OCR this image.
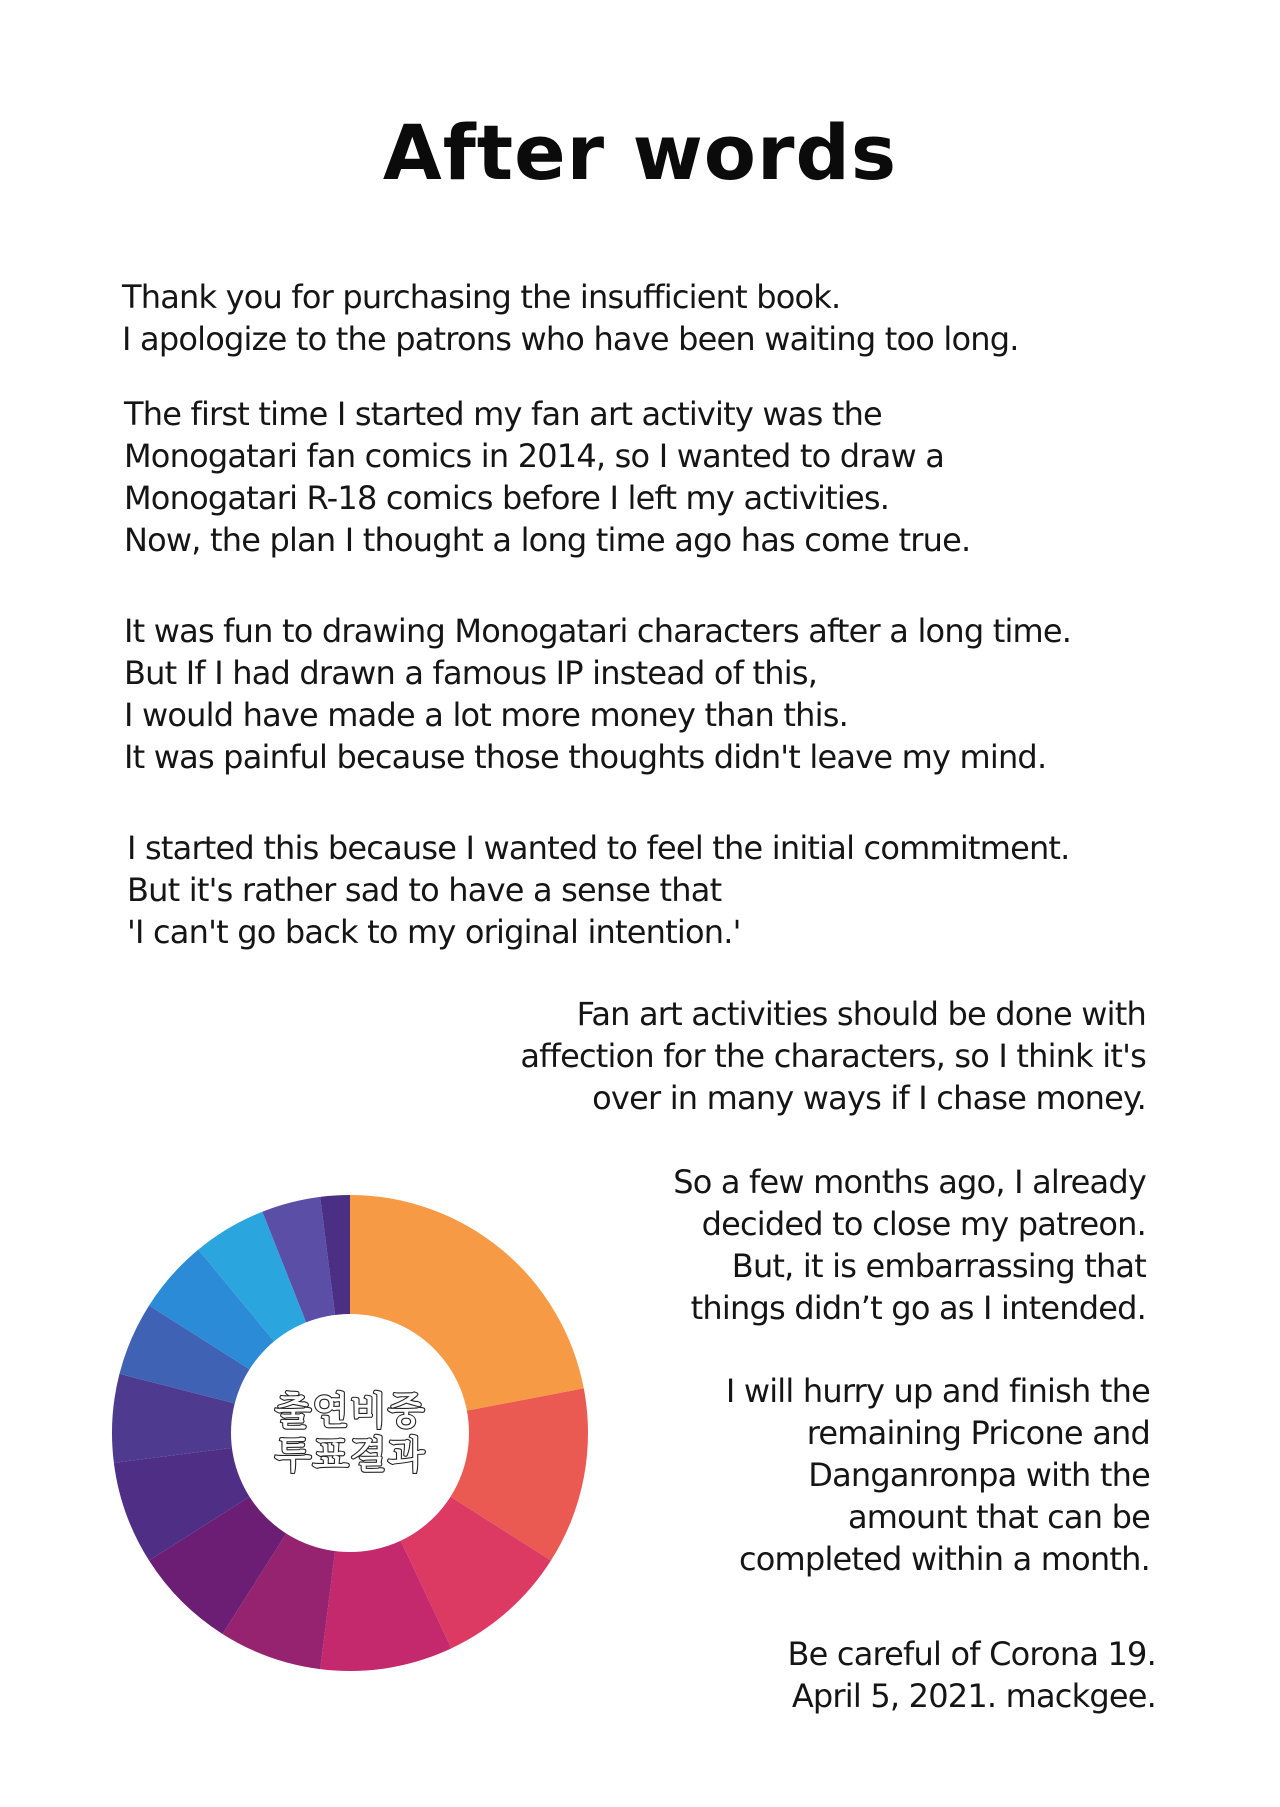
After words
Thank you for purchasing the insufficient book.
I apologize to the patrons who have been waiting too long.
The first time I started my fan art activity was the
Monogatari fan comics in 2014, so I wanted to draw a
Monogatari R-18 comics before I left my activities.
Now, the plan I thought a long time ago has come true.
It was fun to drawing Monogatari characters after a long time.
But If I had drawn a famous IP instead of this,
I would have made a lot more money than this.
It was painful because those thoughts didn't leave my mind.
I started this because I wanted to feel the initial commitment.
But it's rather sad to have a sense that
'I can't go back to my original intention.'
Fan art activities should be done with
affection for the characters, so I think it's
over in many ways if I chase money.
So a few months ago, I already
decided to close my patreon.
But, it is embarrassing that
things didn’t go as I intended.
I will hurry up and finish the
remaining Pricone and
Danganronpa with the
amount that can be
completed within a month.
Be careful of Corona 19.
April 5, 2021. mackgee.
출연비중
투표결과
